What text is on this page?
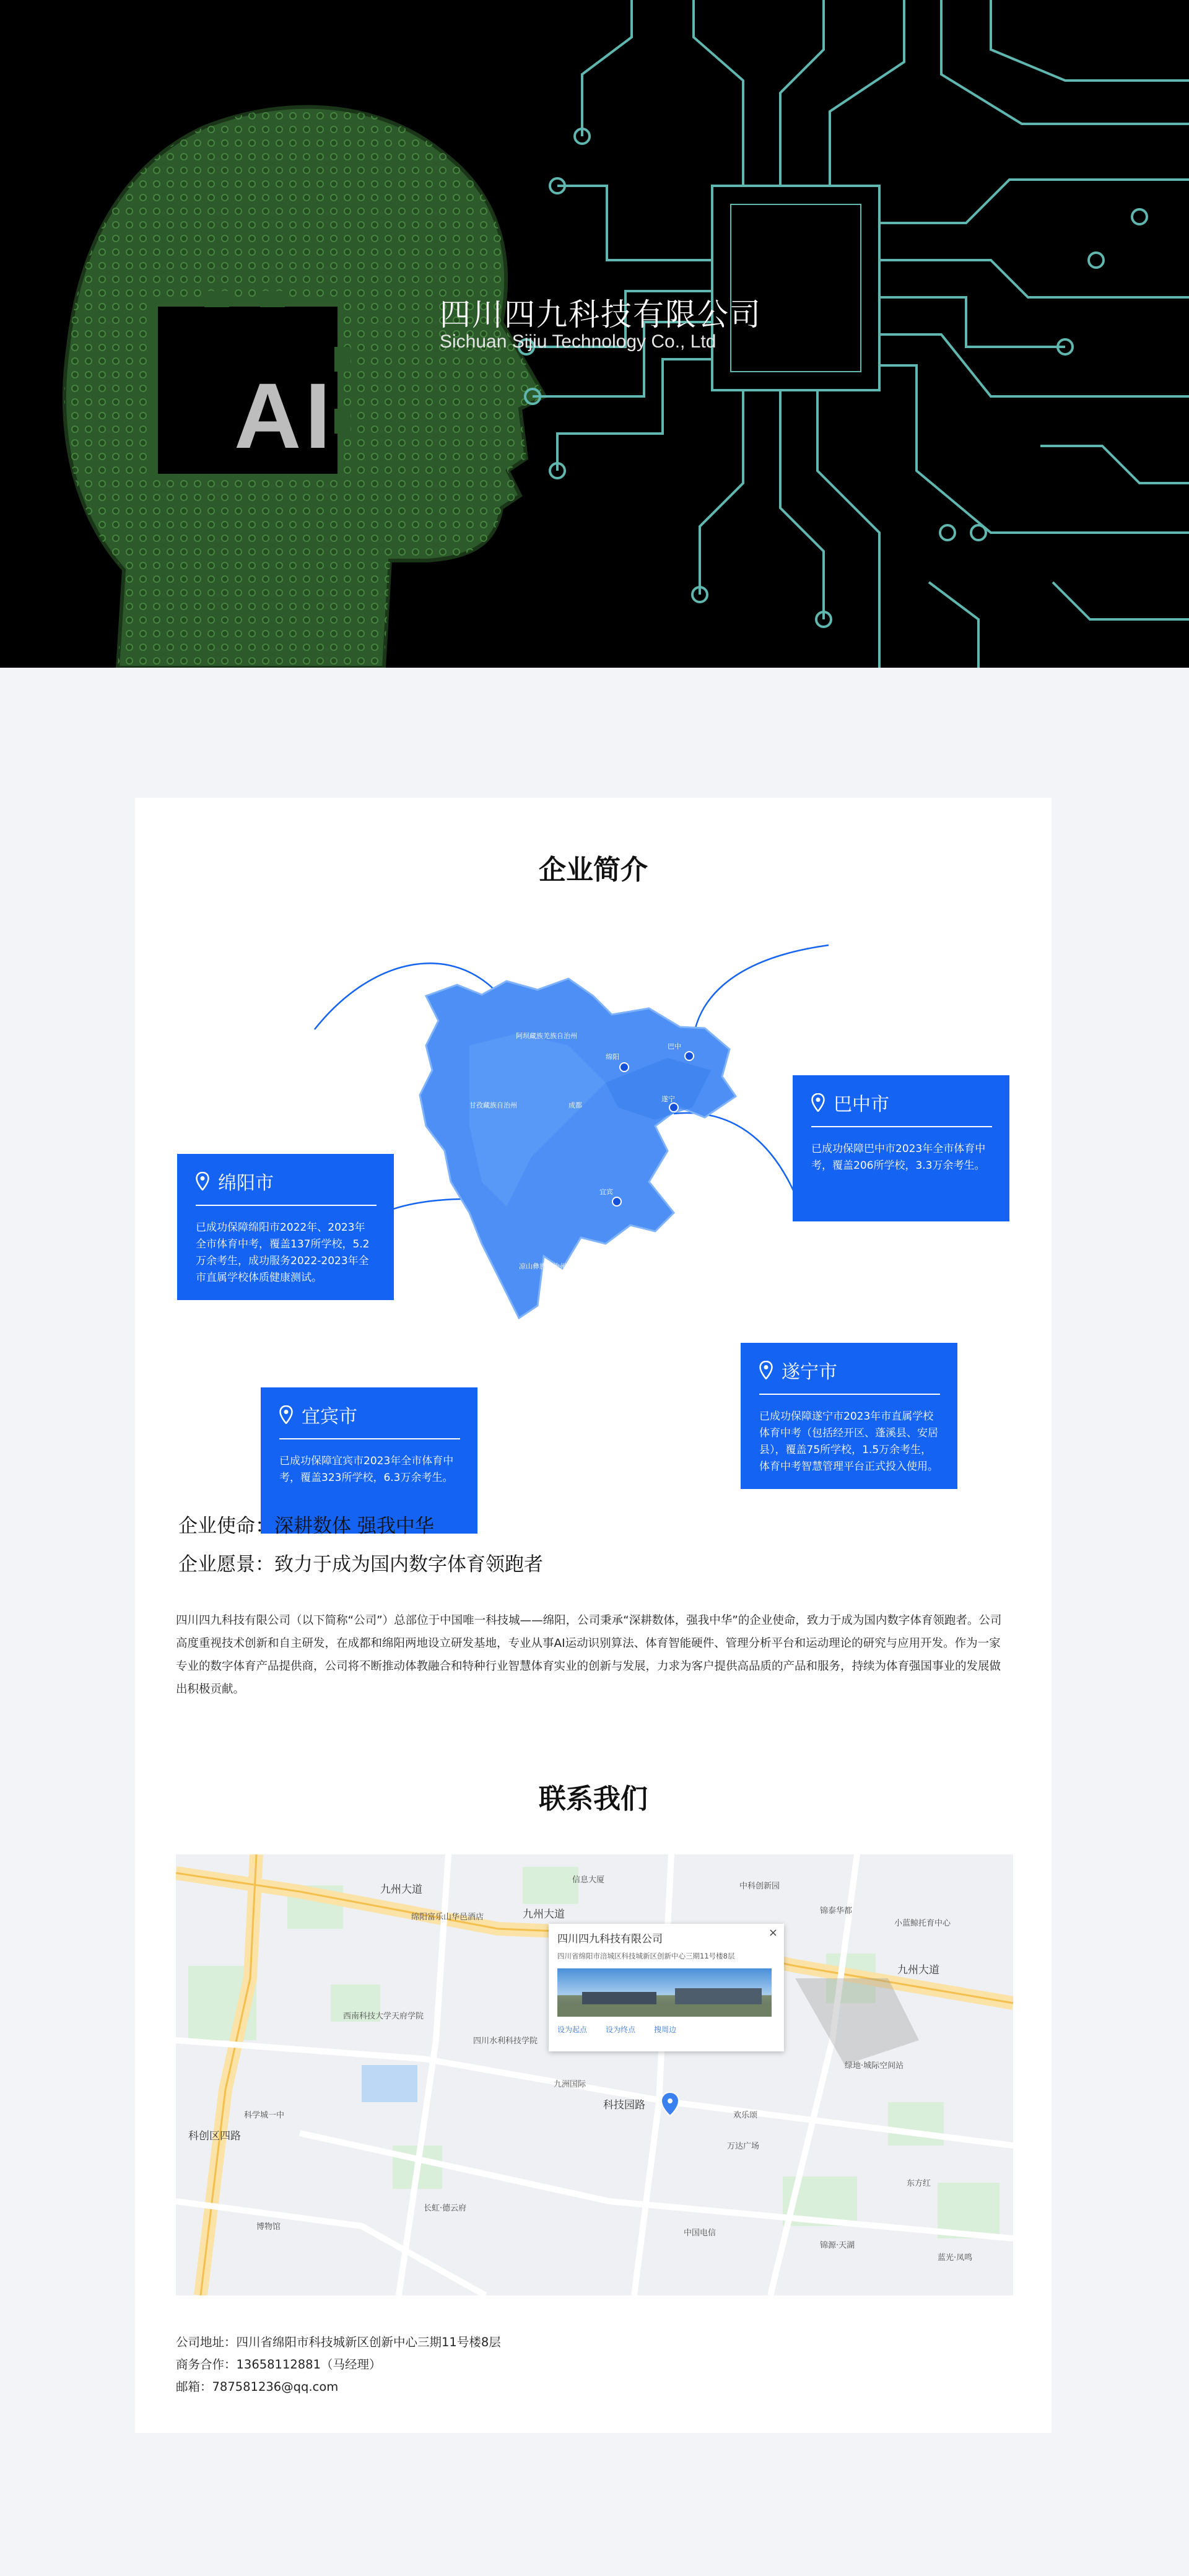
AI
四川四九科技有限公司
Sichuan Sijiu Technology Co., Ltd
企业简介
阿坝藏族羌族自治州
绵阳
巴中
遂宁
宜宾
甘孜藏族自治州	成都
凉山彝族自治州
绵阳市
已成功保障绵阳市2022年、2023年全市体育中考，覆盖137所学校，5.2万余考生，成功服务2022-2023年全市直属学校体质健康测试。
巴中市
已成功保障巴中市2023年全市体育中考，覆盖206所学校，3.3万余考生。
遂宁市
已成功保障遂宁市2023年市直属学校体育中考（包括经开区、蓬溪县、安居县），覆盖75所学校，1.5万余考生，体育中考智慧管理平台正式投入使用。
宜宾市
已成功保障宜宾市2023年全市体育中考，覆盖323所学校，6.3万余考生。
企业使命：深耕数体 强我中华
企业愿景：致力于成为国内数字体育领跑者

四川四九科技有限公司（以下简称“公司”）总部位于中国唯一科技城——绵阳，公司秉承“深耕数体，强我中华”的企业使命，致力于成为国内数字体育领跑者。公司高度重视技术创新和自主研发，在成都和绵阳两地设立研发基地，专业从事AI运动识别算法、体育智能硬件、管理分析平台和运动理论的研究与应用开发。作为一家专业的数字体育产品提供商，公司将不断推动体教融合和特种行业智慧体育实业的创新与发展，力求为客户提供高品质的产品和服务，持续为体育强国事业的发展做出积极贡献。

联系我们
九州大道
九州大道
九州大道
科技园路
科创区四路
绵阳富乐山华邑酒店
信息大厦
锦泰华都
中科创新园
小蓝鲸托育中心
西南科技大学天府学院
四川水利科技学院
科学城一中
九洲国际
长虹·德云府
欢乐颂
万达广场
绿地·城际空间站
东方红
中国电信
博物馆
锦源·天湖
蓝光·凤鸣
×
四川四九科技有限公司
四川省绵阳市涪城区科技城新区创新中心三期11号楼8层
设为起点	设为终点	搜周边
公司地址：四川省绵阳市科技城新区创新中心三期11号楼8层
商务合作：13658112881（马经理）
邮箱：787581236@qq.com
